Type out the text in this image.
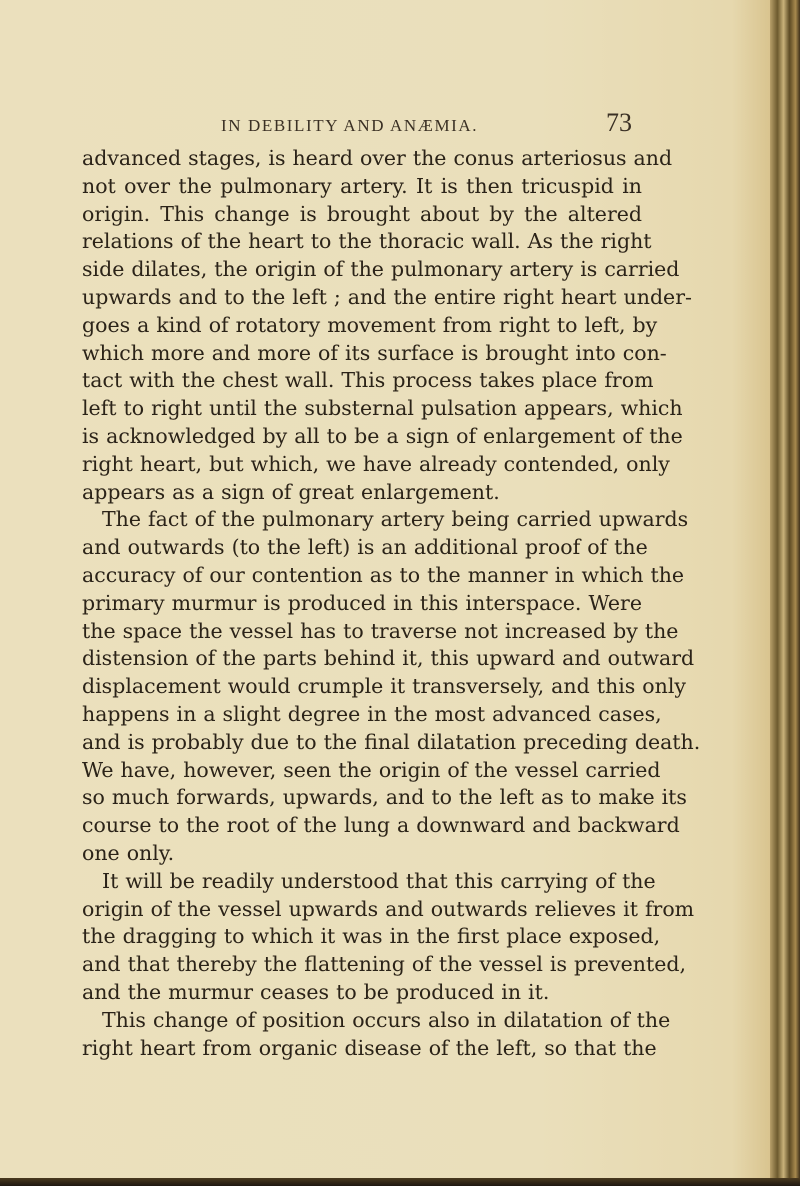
IN DEBILITY AND ANÆMIA.	73
advanced stages, is heard over the conus arteriosus and
not over the pulmonary artery. It is then tricuspid in
origin. This change is brought about by the altered
relations of the heart to the thoracic wall. As the right
side dilates, the origin of the pulmonary artery is carried
upwards and to the left ; and the entire right heart under-
goes a kind of rotatory movement from right to left, by
which more and more of its surface is brought into con-
tact with the chest wall. This process takes place from
left to right until the substernal pulsation appears, which
is acknowledged by all to be a sign of enlargement of the
right heart, but which, we have already contended, only
appears as a sign of great enlargement.
The fact of the pulmonary artery being carried upwards
and outwards (to the left) is an additional proof of the
accuracy of our contention as to the manner in which the
primary murmur is produced in this interspace. Were
the space the vessel has to traverse not increased by the
distension of the parts behind it, this upward and outward
displacement would crumple it transversely, and this only
happens in a slight degree in the most advanced cases,
and is probably due to the final dilatation preceding death.
We have, however, seen the origin of the vessel carried
so much forwards, upwards, and to the left as to make its
course to the root of the lung a downward and backward
one only.
It will be readily understood that this carrying of the
origin of the vessel upwards and outwards relieves it from
the dragging to which it was in the first place exposed,
and that thereby the flattening of the vessel is prevented,
and the murmur ceases to be produced in it.
This change of position occurs also in dilatation of the
right heart from organic disease of the left, so that the
